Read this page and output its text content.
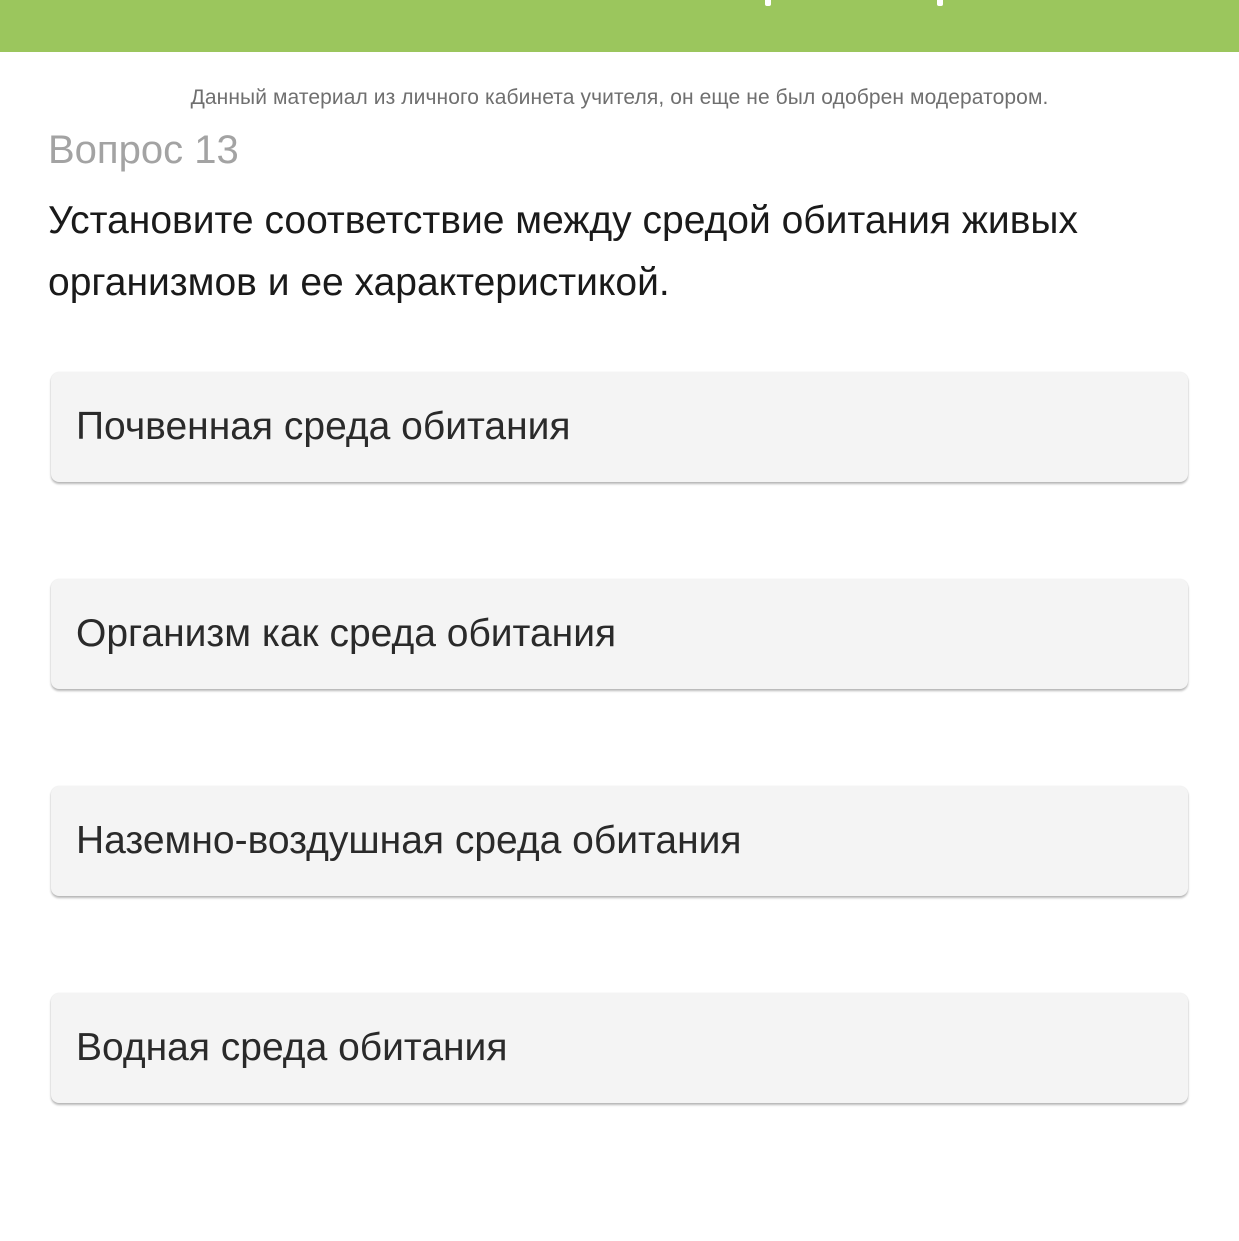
Данный материал из личного кабинета учителя, он еще не был одобрен модератором.
Вопрос 13
Установите соответствие между средой обитания живых организмов и ее характеристикой.
Почвенная среда обитания
Организм как среда обитания
Наземно-воздушная среда обитания
Водная среда обитания
